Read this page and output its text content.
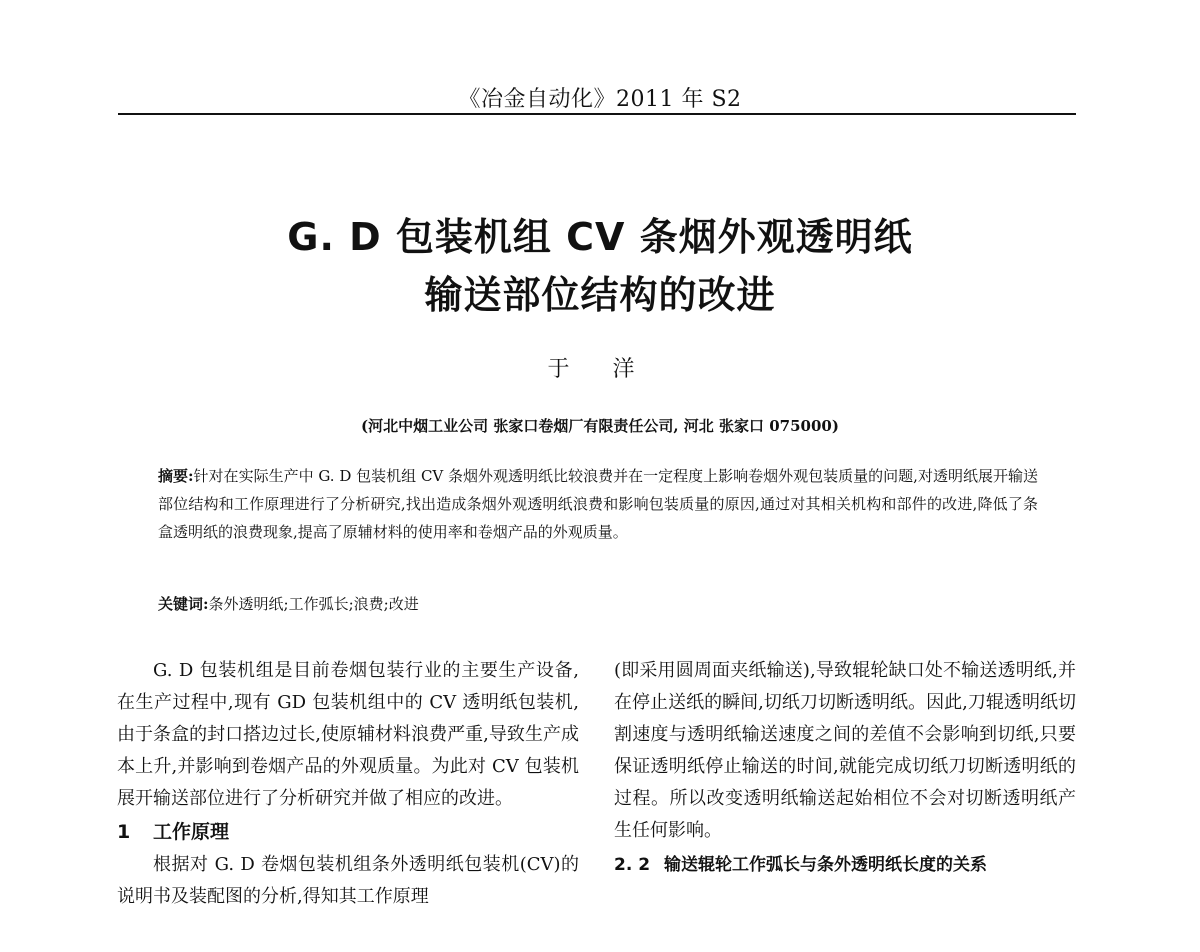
《冶金自动化》2011 年 S2
G. D 包装机组 CV 条烟外观透明纸
输送部位结构的改进
于 洋
(河北中烟工业公司 张家口卷烟厂有限责任公司, 河北 张家口 075000)
摘要:针对在实际生产中 G. D 包装机组 CV 条烟外观透明纸比较浪费并在一定程度上影响卷烟外观包装质量的问题,对透明纸展开输送部位结构和工作原理进行了分析研究,找出造成条烟外观透明纸浪费和影响包装质量的原因,通过对其相关机构和部件的改进,降低了条盒透明纸的浪费现象,提高了原辅材料的使用率和卷烟产品的外观质量。
关键词:条外透明纸;工作弧长;浪费;改进

G. D 包装机组是目前卷烟包装行业的主要生产设备,在生产过程中,现有 GD 包装机组中的 CV 透明纸包装机,由于条盒的封口搭边过长,使原辅材料浪费严重,导致生产成本上升,并影响到卷烟产品的外观质量。为此对 CV 包装机展开输送部位进行了分析研究并做了相应的改进。

1 工作原理

根据对 G. D 卷烟包装机组条外透明纸包装机(CV)的说明书及装配图的分析,得知其工作原理

(即采用圆周面夹纸输送),导致辊轮缺口处不输送透明纸,并在停止送纸的瞬间,切纸刀切断透明纸。因此,刀辊透明纸切割速度与透明纸输送速度之间的差值不会影响到切纸,只要保证透明纸停止输送的时间,就能完成切纸刀切断透明纸的过程。所以改变透明纸输送起始相位不会对切断透明纸产生任何影响。

2. 2 输送辊轮工作弧长与条外透明纸长度的关系
